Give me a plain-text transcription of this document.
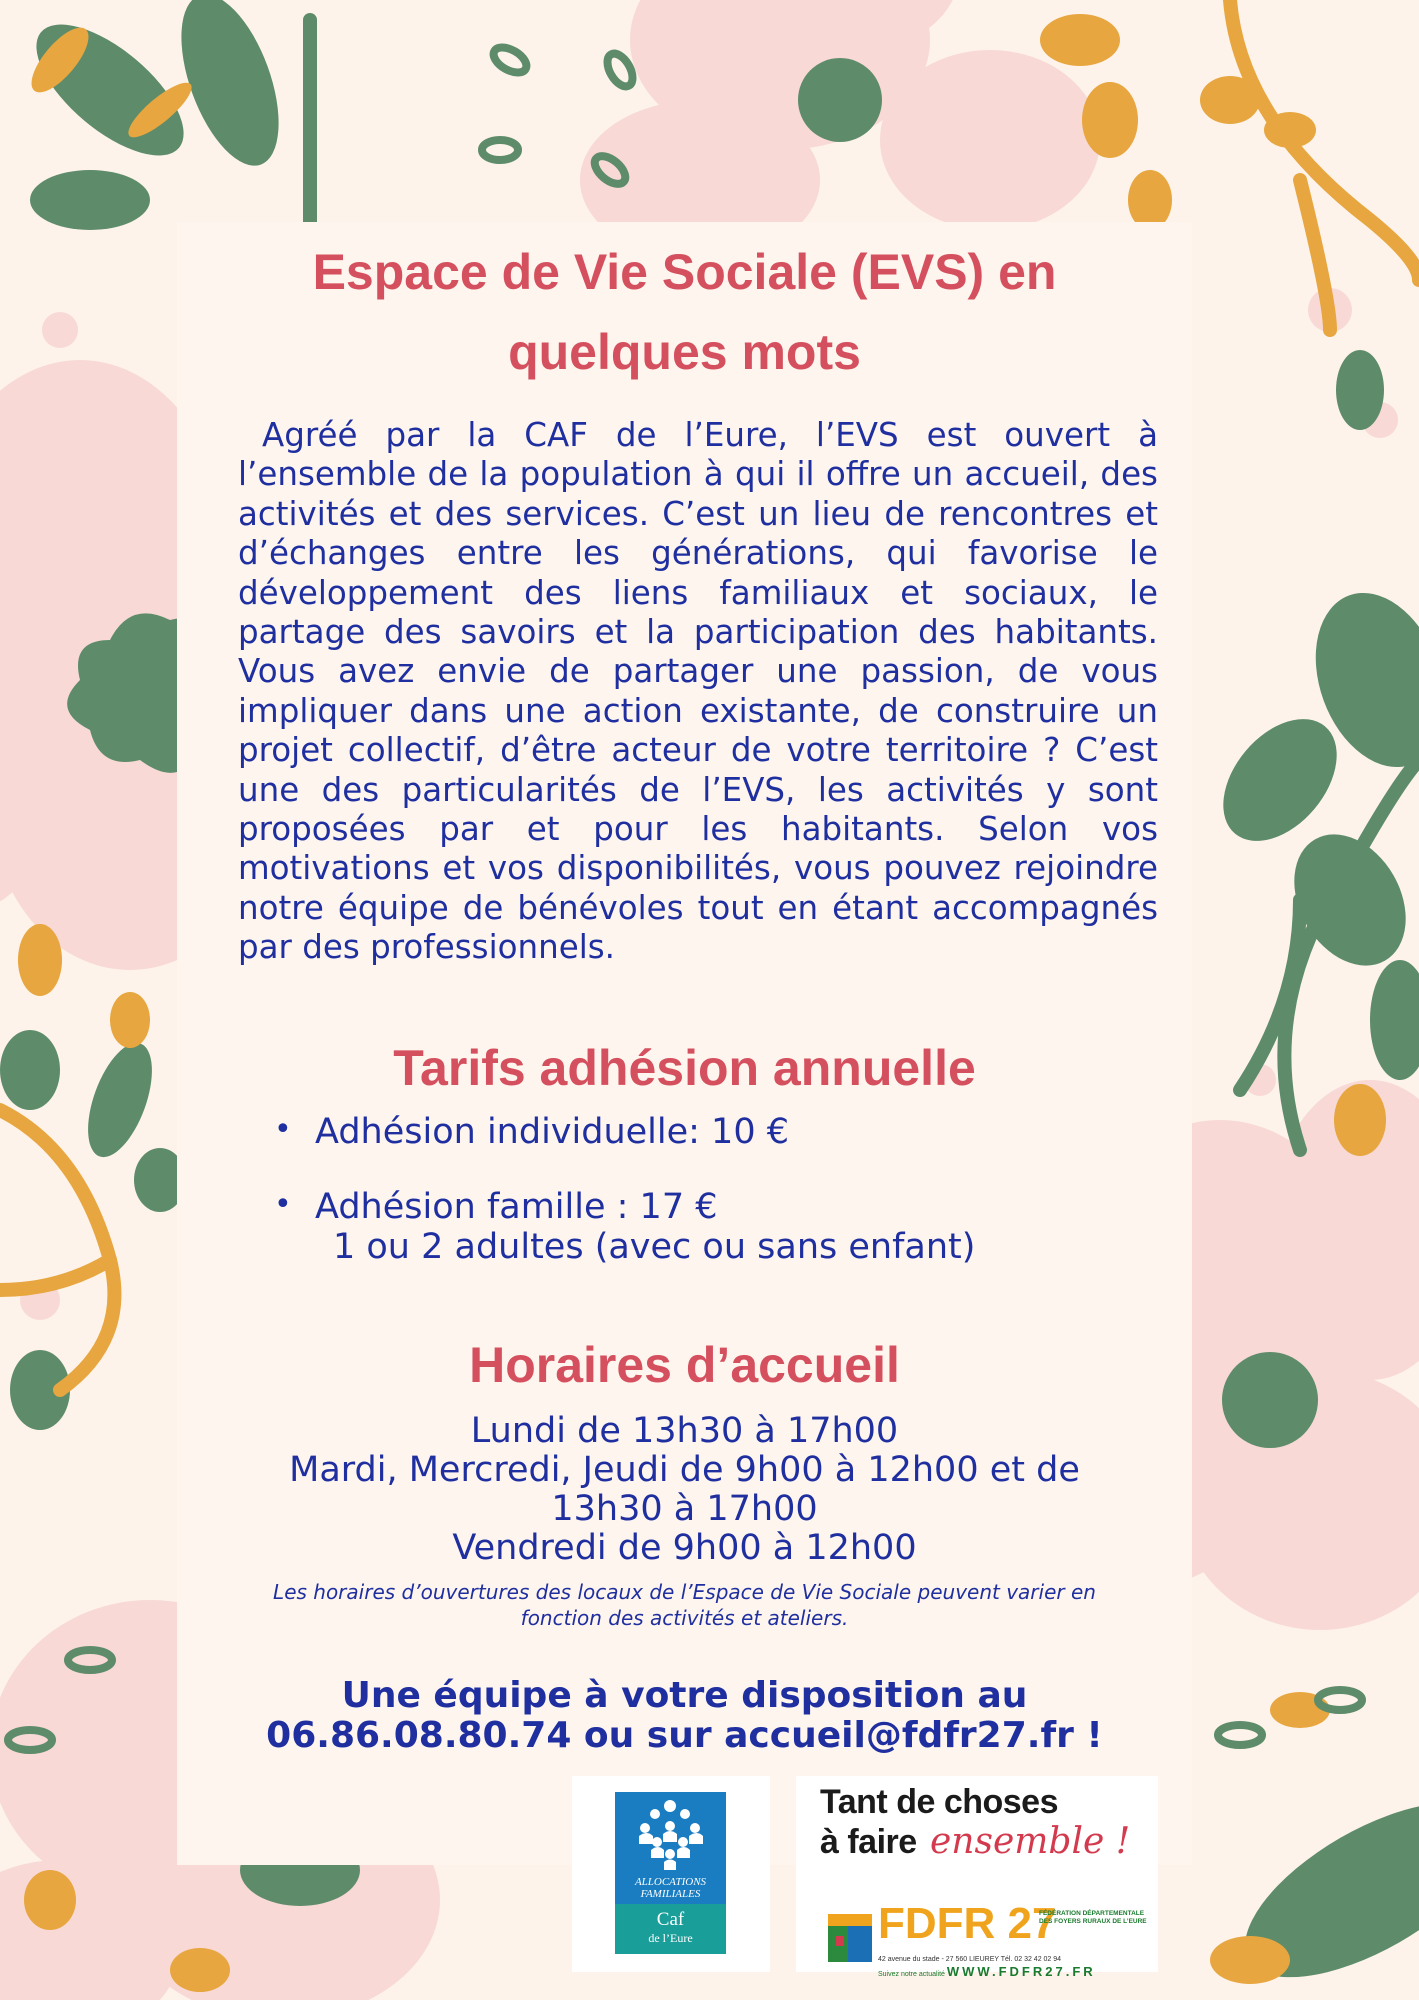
Espace de Vie Sociale (EVS) en
quelques mots

Agréé par la CAF de l’Eure, l’EVS est ouvert à l’ensemble de la population à qui il offre un accueil, des activités et des services. C’est un lieu de rencontres et d’échanges entre les générations, qui favorise le développement des liens familiaux et sociaux, le partage des savoirs et la participation des habitants. Vous avez envie de partager une passion, de vous impliquer dans une action existante, de construire un projet collectif, d’être acteur de votre territoire ? C’est une des particularités de l’EVS, les activités y sont proposées par et pour les habitants. Selon vos motivations et vos disponibilités, vous pouvez rejoindre notre équipe de bénévoles tout en étant accompagnés par des professionnels.

Tarifs adhésion annuelle
• Adhésion individuelle: 10 €
• Adhésion famille : 17 €
1 ou 2 adultes (avec ou sans enfant)
Horaires d’accueil
Lundi de 13h30 à 17h00
Mardi, Mercredi, Jeudi de 9h00 à 12h00 et de
13h30 à 17h00
Vendredi de 9h00 à 12h00
Les horaires d’ouvertures des locaux de l’Espace de Vie Sociale peuvent varier en
fonction des activités et ateliers.
Une équipe à votre disposition au
06.86.08.80.74 ou sur accueil@fdfr27.fr !
ALLOCATIONS
FAMILIALES
Caf
de l’Eure
Tant de choses
à faire ensemble !
FDFR 27
FÉDÉRATION DÉPARTEMENTALE DES FOYERS RURAUX DE L’EURE
42 avenue du stade - 27 560 LIEUREY Tél. 02 32 42 02 94
Suivez notre actualité WWW.FDFR27.FR
